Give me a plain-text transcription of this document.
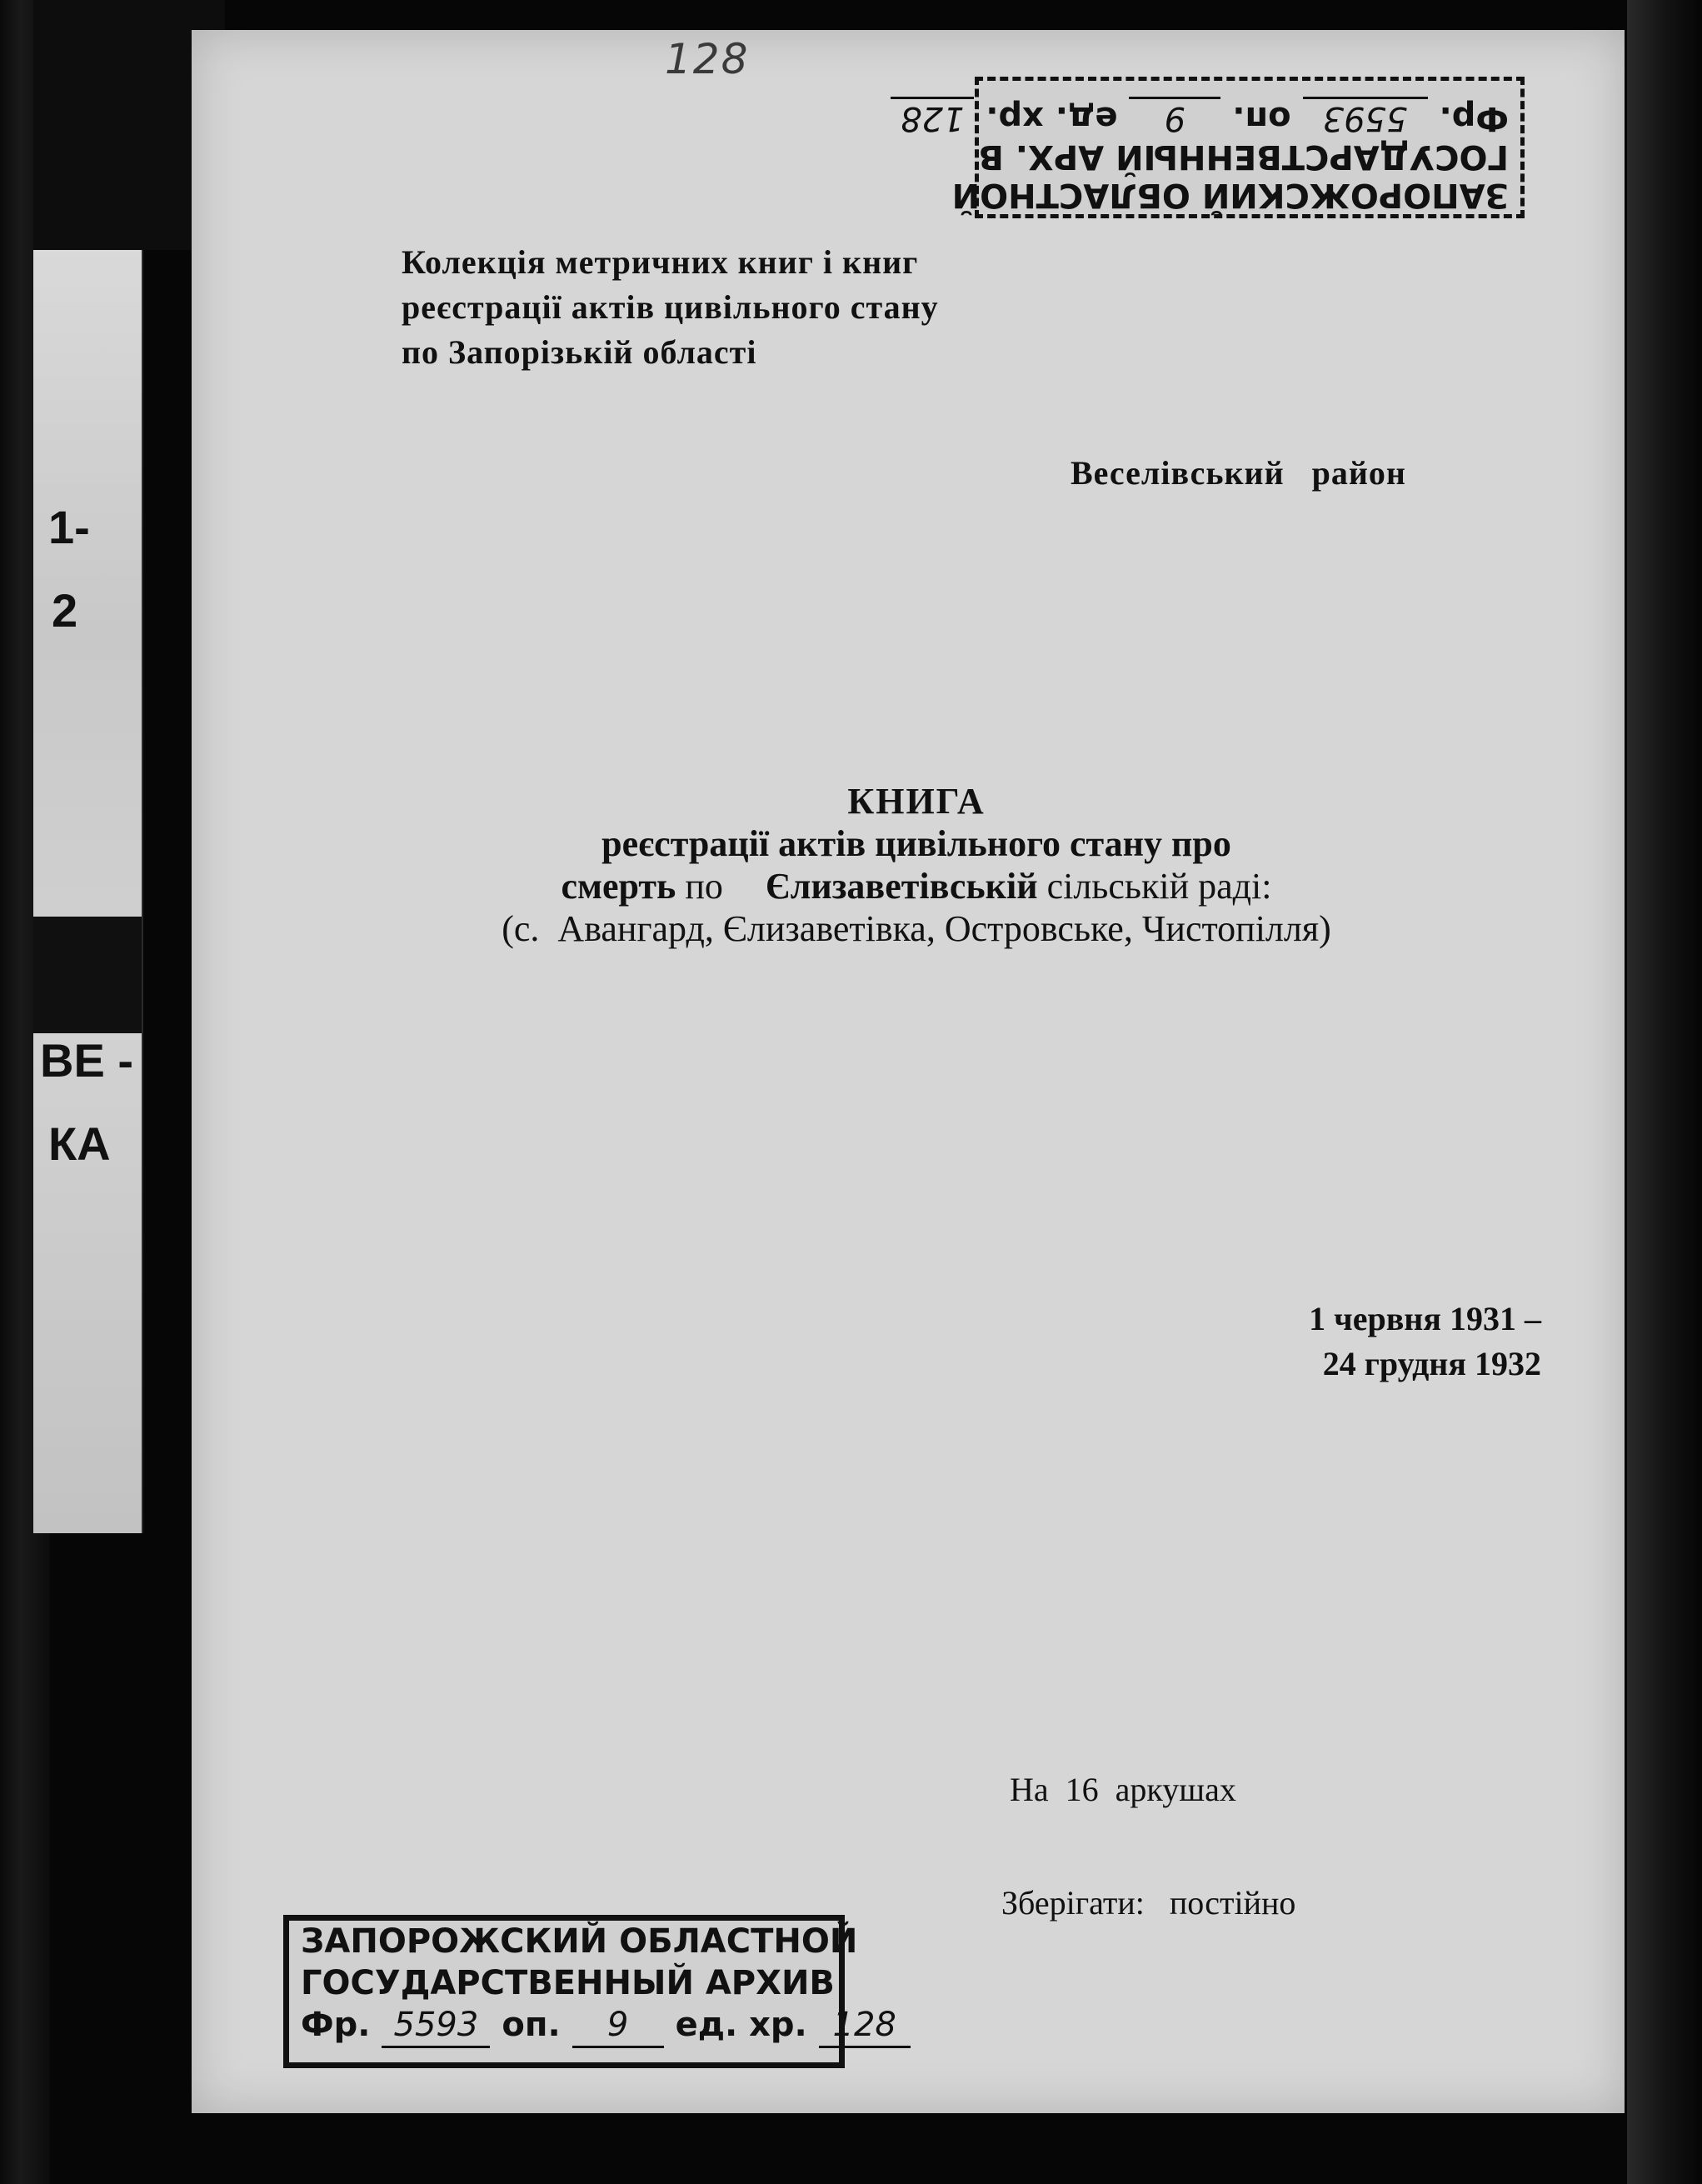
1-
2
ВЕ -
КА
128
ЗАПОРОЖСКИЙ ОБЛАСТНОЙ
ГОСУДАРСТВЕННЫЙ АРХ. В
Фр. 5593 оп. 9 ед. хр. 128
Колекція метричних книг і книг
реєстрації актів цивільного стану
по Запорізькій області
Веселівський   район
КНИГА
реєстрації актів цивільного стану про
смерть по Єлизаветівській сільській раді:
(с.  Авангард, Єлизаветівка, Островське, Чистопілля)
1 червня 1931 –
24 грудня 1932
На  16  аркушах
Зберігати:   постійно
ЗАПОРОЖСКИЙ ОБЛАСТНОЙ
ГОСУДАРСТВЕННЫЙ АРХИВ
Фр. 5593 оп. 9 ед. хр. 128
